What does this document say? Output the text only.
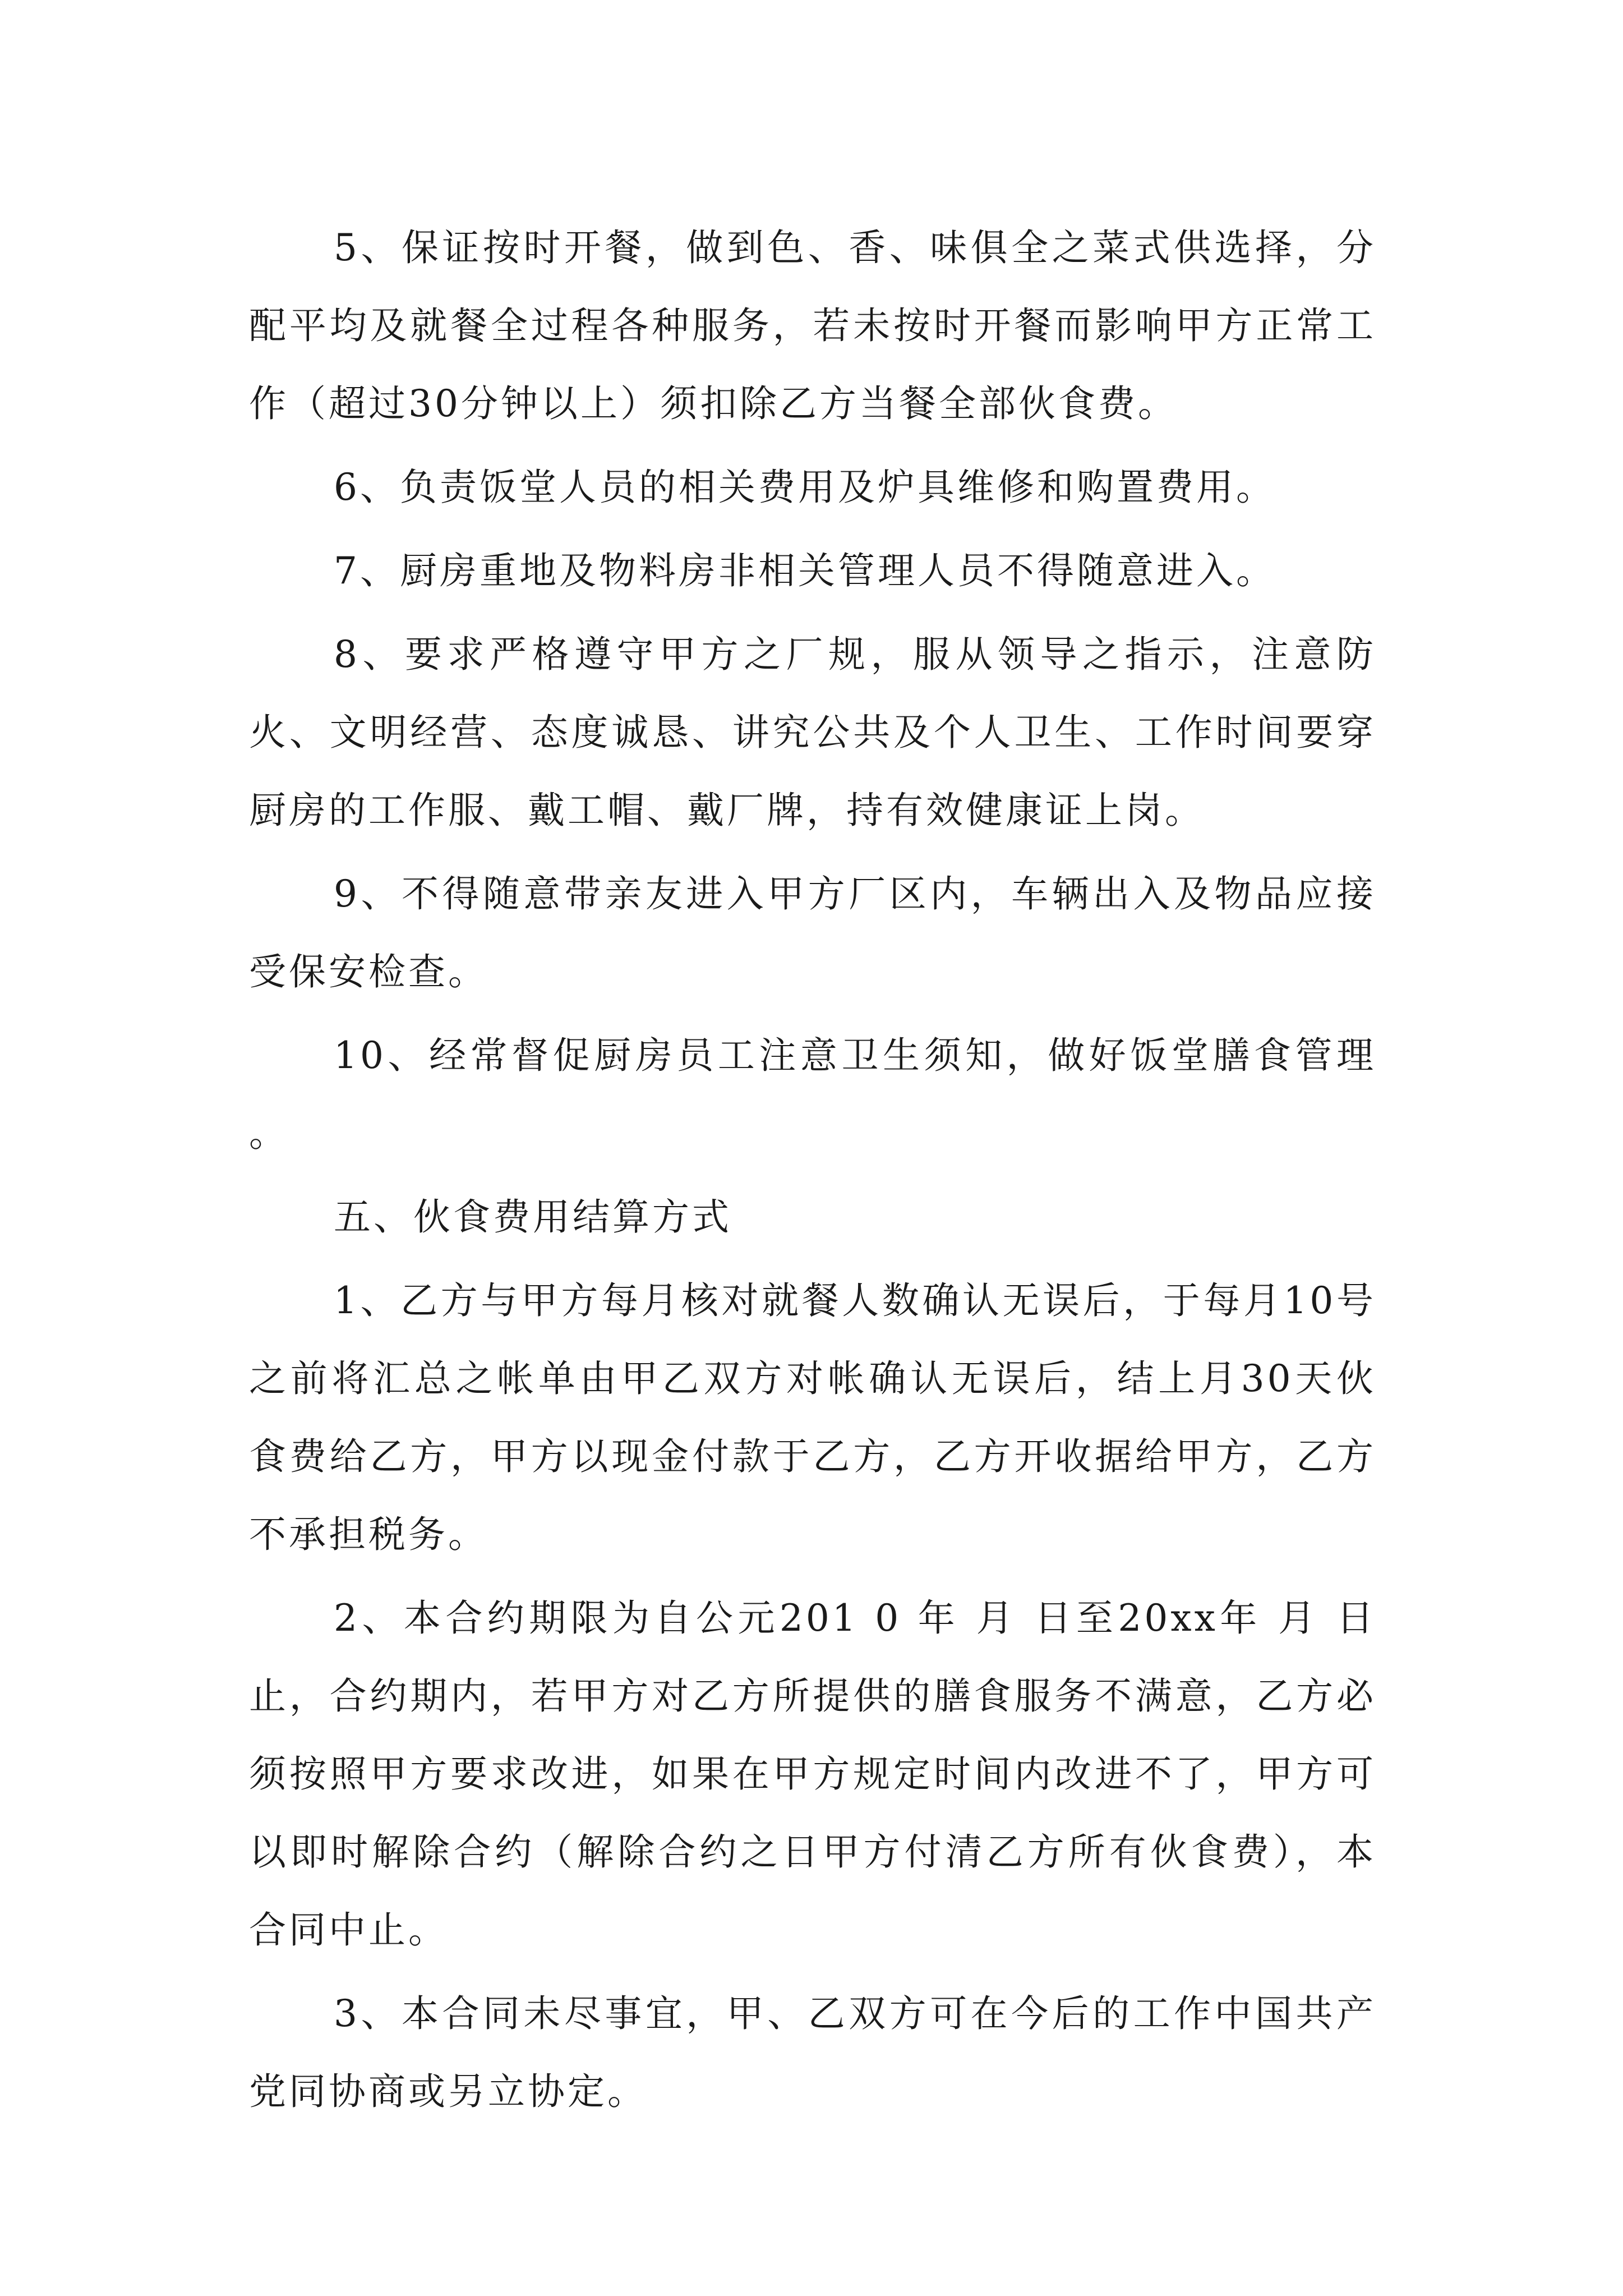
5、保证按时开餐，做到色、香、味俱全之菜式供选择，分配平均及就餐全过程各种服务，若未按时开餐而影响甲方正常工作（超过30分钟以上）须扣除乙方当餐全部伙食费。

6、负责饭堂人员的相关费用及炉具维修和购置费用。

7、厨房重地及物料房非相关管理人员不得随意进入。

8、要求严格遵守甲方之厂规，服从领导之指示，注意防火、文明经营、态度诚恳、讲究公共及个人卫生、工作时间要穿厨房的工作服、戴工帽、戴厂牌，持有效健康证上岗。

9、不得随意带亲友进入甲方厂区内，车辆出入及物品应接受保安检查。

10、经常督促厨房员工注意卫生须知，做好饭堂膳食管理 。

五、伙食费用结算方式

1、乙方与甲方每月核对就餐人数确认无误后，于每月10号之前将汇总之帐单由甲乙双方对帐确认无误后，结上月30天伙食费给乙方，甲方以现金付款于乙方，乙方开收据给甲方，乙方不承担税务。

2、本合约期限为自公元201 0 年 月 日至20xx年 月 日止，合约期内，若甲方对乙方所提供的膳食服务不满意，乙方必须按照甲方要求改进，如果在甲方规定时间内改进不了，甲方可以即时解除合约（解除合约之日甲方付清乙方所有伙食费），本合同中止。

3、本合同未尽事宜，甲、乙双方可在今后的工作中国共产党同协商或另立协定。
